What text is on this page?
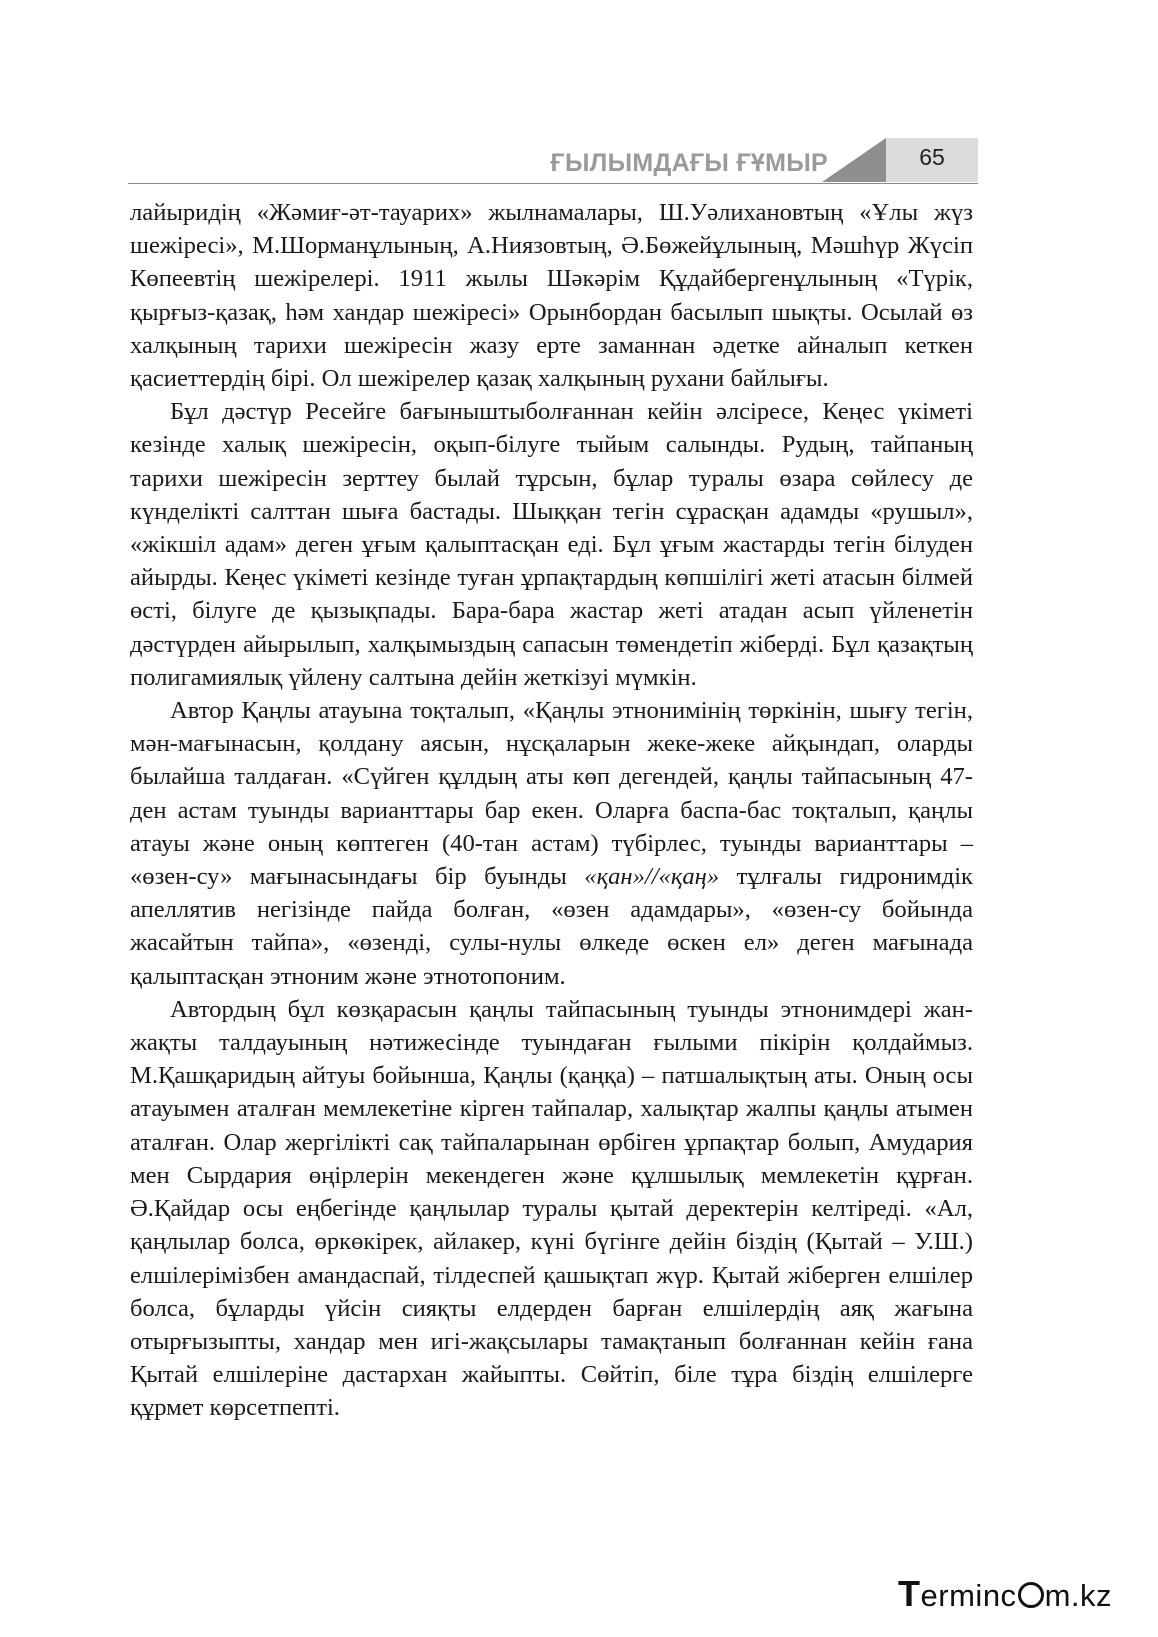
ҒЫЛЫМДАҒЫ ҒҰМЫР	65

лайыридің «Жәмиғ-әт-тауарих» жылнамалары, Ш.Уәлихановтың «Ұлы жүз шежіресі», М.Шорманұлының, А.Ниязовтың, Ә.Бөжейұлының, Мәшһүр Жүсіп Көпеевтің шежірелері. 1911 жылы Шәкәрім Құдайбергенұлының «Түрік, қырғыз-қазақ, һәм хандар шежіресі» Орынбордан басылып шықты. Осылай өз халқының тарихи шежіресін жазу ерте заманнан әдетке айналып кеткен қасиеттердің бірі. Ол шежірелер қазақ халқының рухани байлығы.

Бұл дәстүр Ресейге бағыныштыболғаннан кейін әлсіресе, Кеңес үкіметі кезінде халық шежіресін, оқып-білуге тыйым салынды. Рудың, тайпаның тарихи шежіресін зерттеу былай тұрсын, бұлар туралы өзара сөйлесу де күнделікті салттан шыға бастады. Шыққан тегін сұрасқан адамды «рушыл», «жікшіл адам» деген ұғым қалыптасқан еді. Бұл ұғым жастарды тегін білуден айырды. Кеңес үкіметі кезінде туған ұрпақтардың көпшілігі жеті атасын білмей өсті, білуге де қызықпады. Бара-бара жастар жеті атадан асып үйленетін дәстүрден айырылып, халқымыздың сапасын төмендетіп жіберді. Бұл қазақтың полигамиялық үйлену салтына дейін жеткізуі мүмкін.

Автор Қаңлы атауына тоқталып, «Қаңлы этнонимінің төркінін, шығу тегін, мән-мағынасын, қолдану аясын, нұсқаларын жеке-жеке айқындап, оларды былайша талдаған. «Сүйген құлдың аты көп дегендей, қаңлы тайпасының 47-ден астам туынды варианттары бар екен. Оларға баспа-бас тоқталып, қаңлы атауы және оның көптеген (40-тан астам) түбірлес, туынды варианттары – «өзен-су» мағынасындағы бір буынды «қан»//«қаң» тұлғалы гидронимдік апеллятив негізінде пайда болған, «өзен адамдары», «өзен-су бойында жасайтын тайпа», «өзенді, сулы-нулы өлкеде өскен ел» деген мағынада қалыптасқан этноним және этнотопоним.

Автордың бұл көзқарасын қаңлы тайпасының туынды этнонимдері жан-жақты талдауының нәтижесінде туындаған ғылыми пікірін қолдаймыз. М.Қашқаридың айтуы бойынша, Қаңлы (қаңқа) – патшалықтың аты. Оның осы атауымен аталған мемлекетіне кірген тайпалар, халықтар жалпы қаңлы атымен аталған. Олар жергілікті сақ тайпаларынан өрбіген ұрпақтар болып, Амудария мен Сырдария өңірлерін мекендеген және құлшылық мемлекетін құрған. Ә.Қайдар осы еңбегінде қаңлылар туралы қытай деректерін келтіреді. «Ал, қаңлылар болса, өркөкірек, айлакер, күні бүгінге дейін біздің (Қытай – У.Ш.) елшілерімізбен амандаспай, тілдеспей қашықтап жүр. Қытай жіберген елшілер болса, бұларды үйсін сияқты елдерден барған елшілердің аяқ жағына отырғызыпты, хандар мен игі-жақсылары тамақтанып болғаннан кейін ғана Қытай елшілеріне дастархан жайыпты. Сөйтіп, біле тұра біздің елшілерге құрмет көрсетпепті.

Terminc m.kz
